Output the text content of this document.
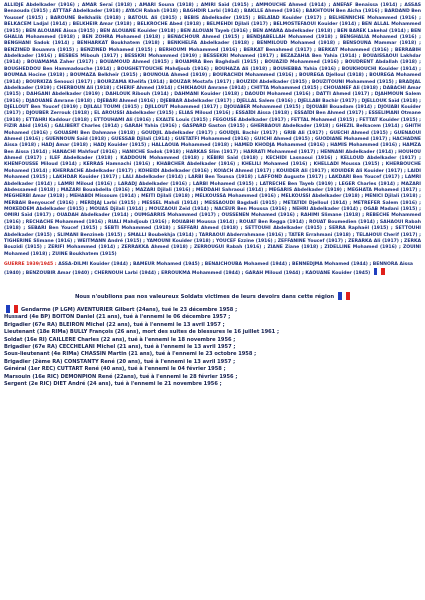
ALLIDJE Abdelkader (1916) ; AMAR Seraï (1918) ; AMARI Souna (1918) ; AMIRI Saïd (1915) ; AMMOUCHE Ahmed (1914) ; ANEFAF Benaissa (1914) ; ASSAS Benaouda (1915) ; ATTTAF Abdelkader (1918) ; AYACH Rabah (1918) ; BAGHDIR Larbi (1914) ; BAKLLE Ahmed (1916) ; BAKHTOUH Ben Aicha (1916) ; BARDAND Ben Youssef (1915) ; BAROUNE Belkhalik (1918) ; BATOUL Ali (1915) ; BEBIS Abdelkader (1915) ; BELAÏAD Kouider (1917) ; BELHENNICHE Mohammed (1916) ; BELKACEM Ladjal (1914) ; BELKHEIR Amar (1918) ; BELKROCHE Abed (1918) ; BELMEHDI Djilali (1917) ; BELMOSTEFAOUI Kouider (1914) ; BEN ALLAL Mohammed (1915) ; BEN ALOUANE Aissa (1915) ; BEN ALOUANE Kouider (1918) ; BEN ALOUAN Tayeb (1916) ; BEN AMARA Abdelkader (1918) ; BEN BAREK Lakehal (1914) ; BEN GHALIA Mohammed (1918) ; BEN ZOHRA Mohamed (1918) ; BENACHOUR Ahmed (1915) ; BENDJABELLAH Mohamed (1918) ; BENGHALIA Mohamed (1916) ; BENGHANI Sadok (1914) ; BENHARKAT Boukhatem (1918) ; BENKHELFA Abdelkader (1918) ; BENMILOUD Mohamed (1918) ; BENSOUNA Mammar (1918) ; BENZINED Bouamra (1915) ; BENZINED Mohamed (1915) ; BERHOUMI Mohammed (1916) ; BERKAT Benahmed (1917) ; BERKAT Mohammed (1916) ; BERRABIH Abdelkader (1916) ; BESBES Mibouh (1917) ; BESSKRI Mohammed (1919) ; BESSEKRI Mohamed (1917) ; BEZAZAHIA Ben Yahia (1914) ; BOUAISSAOUI Lakhdar (1914) ; BOUAMAMA Zaher (1917) ; BOUAMOUD Ahmed (1915) ; BOUAMRA Ben Baghdadi (1915) ; BOUAZID Mohammed (1916) ; BOUDRENT Abdallah (1918) ; BOUGHEDDOU Ben Hammadouche (1914) ; BOUGHETTOUCHE Mahdjoub (1916) ; BOUHAZA Ali (1918) ; BOUHEBBA Yahia (1916) ; BOUKHOUCHI Kouider (1914) ; BOUMAA Hocine (1918) ; BOUMAZA Belkheir (1915) ; BOUNOUA Ahmed (1919) ; BOURACHDI Mohammed (1916) ; BOUREGA Djelloul (1918) ; BOUREGA Mohamed (1914) ; BOURKIZA Senouci (1917) ; BOURZAMA Khelifa (1914) ; BOUZAR Mostafa (1917) ; BOUZIDI Abdelkader (1915) ; BOUZITOUNI Mohammed (1915) ; BRADJAL Abdelkader (1919) ; CHERBOUN Ali (1918) ; CHERIF Ahmed (1914) ; CHIKHAOUI Amrane (1914) ; CHITTA Mohammed (1915) ; CHOUANEF Ali (1918) ; DABACHI Amar (1915) ; DAHGANI Abdelkader (1919) ; DAHLOUK Ribouh (1914) ; DAHMANI Kouider (1918) ; DAOUDI Mohamed (1916) ; DATTI Ahmed (1917) ; DJAHMOUN Salem (1916) ; DJAOUANE Amrane (1918) ; DJEBARI Ahmed (1916) ; DJEBBAR Abdelkader (1917) ; DJELLAL Salem (1916) ; DJELLABI Bachir (1917) ; DJELLOUK Saïd (1918) ; DJELLOUT Ben Youcef (1919) ; DJILALI TOUMI (1915) ; DJILLOUT Mohammed (1917) ; DJOUABER Mohammed (1915) ; DJOUABI Bouadam (1914) ; DJOUABI Kouider (1917) ; DJOUBER Zerrouk (1918) ; EL AROUSSI Abdelkader (1915) ; ELIAS Miloud (1916) ; ESSAÏDI Aissa (1918) ; ESSAÏDI Ben Ahmed (1917) ; ESSELIMANI Otmane (1918) ; ETTAHRI Kaddour (1918) ; ETTOUHAMI Ali (1916) ; EXALTE Louis (1915) ; FEGOUSE Abdelkader (1917) ; FETTAL Mohamed (1915) ; FETTAT Kouider (1915) ; FIZIR Abid (1916) ; GALIBERT Charles (1914) ; GARAH Yahia (1916) ; GASPARD Gaston (1915) ; GHERBAOUI Abdelkader (1918) ; GHEZIL Belkacem (1914) ; GHITH Mohamed (1916) ; GOUASMI Ben Dahmane (1918) ; GOUDJIL Abdelkader (1917) ; GOUDJIL Bachir (1917) ; GRIB Ali (1917) ; GUECHI Ahmed (1915) ; GUENAOUI Ahmed (1916) ; GUENNOUN Saïd (1918) ; GUESSAB Djilali (1914) ; GUETATFI Mohammed (1916) ; GUICHI Ahmed (1915) ; GUODIANE Mohamed (1917) ; HACHADNE Aissa (1918) ; HADJ Amar (1918) ; HADJ Kouider (1915) ; HALLAOUA Mohammed (1918) ; HAMED KHODJA Mohammed (1916) ; HAMIS Mohammed (1916) ; HAMZA Ben Aissa (1914) ; HANACHI Mahfouf (1916) ; HANICHE Sadok (1918) ; HARKAS Slim (1917) ; HARRATI Mohammed (1917) ; HENNANI Abdelkader (1914) ; HOUHOU Ahmed (1917) ; ILEF Abdelkader (1918) ; KADDOUN Mohammed (1918) ; KÉBIRI Saïd (1918) ; KECHIDI Lasnaoui (1916) ; KELLOUD Abdelkader (1917) ; KHENFOUSSE Miloud (1914) ; KERRAS Hamnachi (1916) ; KHABCHER Abdelkader (1916) ; KHELILI Mohamed (1916) ; KHELLADI Moussa (1915) ; KHERBOUCHE Mohamed (1914) ; KHERRACHE Abdelkader (1917) ; KOHEIDI Abdelkader (1916) ; KOIACH Ahmed (1917) ; KOUIDER Ali (1917) ; KOUIDER Ali Kouider (1917) ; LAIDI Mohamed (1915) ; LAKHDAR Kouider (1917) ; LALI Abdelkader (1914) ; LARBI Ben Tounsa (1918) ; LAFFOND Auguste (1917) ; LAKDARI Ben Youcef (1917) ; LAMRI Abdelkader (1914) ; LAMRI Miloud (1916) ; LARADJ Abdelkader (1916) ; LARBI Mohamed (1915) ; LATRECHE Ben Tayeb (1919) ; LEGER Charles (1914) ; MAZARI Abdessamed (1918) ; MAZARI Bouabdella (1916) ; MAZARI Djilali (1916) ; MEDDAHI Sahraoui (1914) ; MEGARIS Abdelkader (1919) ; MEGHATA Mohamed (1917) ; MEGHERBI Amar (1918) ; MEHABDI Missoum (1914) ; MEITI Djilali (1918) ; MELKOUSSA Mohammed (1916) ; MELKOUSSI Abdelkader (1918) ; MENICI Djilali (1918) ; MERBAH Benyoucef (1916) ; MERDJAJ Larbi (1915) ; MESSEL Mahdi (1914) ; MESSAOUDI Bagdadi (1915) ; METATIDI Djelloul (1914) ; METREFER Salem (1916) ; MOKEDDEM Abdelkader (1915) ; MOUAS Djilali (1914) ; MOUZAOUI Zeid (1914) ; NACEUR Ben Moussa (1916) ; NEHRI Abdelkader (1914) ; OGAB Madani (1915) ; OMIRI Saïd (1917) ; OUADAH Abdelkader (1914) ; OUMGARRIS Mohammed (1917) ; OUSSENEN Mohamed (1916) ; RAHIMI Slimane (1918) ; REBECHE Mohammed (1916) ; RECHACHE Mohammed (1916) ; RIALI Mahdjoub (1916) ; ROUABHI Moussa (1914) ; ROUAT Ben Regga (1914) ; ROUAT Boumedien (1914) ; SAHAOUI Rabah (1918) ; SEBARI Ben Youcef (1915) ; SEBTI Mohammed (1918) ; SEFFARI Ahmed (1918) ; SETTOUHI Abdelkader (1915) ; SERRA Raphaël (1915) ; SETTOUHI Abdelkader (1915) ; SLIMANI Benzineb (1915) ; SMALLI Boubekhja (1914) ; TARRAOUI Abderrahmane (1916) ; TATER Errahmani (1918) ; TELAHOUI Cherif (1917) ; TIGHERINE Slimane (1916) ; WEITMANN André (1915) ; YAMOUNI Kouider (1918) ; YOUCEF Ezzine (1916) ; ZEFFANINE Youcef (1917) ; ZERARKA Ali (1917) ; ZERKA Bouzidi (1915) ; ZERIFI Mohammed (1914) ; ZERRAKKA Ahmed (1918) ; ZERROUGUI Rabah (1916) ; ZIANE Ziane (1918) ; ZIDELLINE Mohamed (1916) ; ZOUINI Mohamed (1918) ; ZUINE Boukhatem (1915)
GUERRE 1939/1945 : ASSA-DILMI Kouider (1944) ; BAMEUR Mohamed (1945) ; BENAICHOUBA Mohamed (1944) ; BENNEDJMA Mohamed (1944) ; BENNORA Aissa (1940) ; BENZOUBIR Amar (1940) ; CHERNOUH Larbi (1944) ; ERROUKMA Mohammed (1944) ; GARAH Miloud (1944) ; KAOUANE Kouider (1945)
Nous n'oublions pas nos valeureux Soldats victimes de leurs devoirs dans cette région
Gendarme (P LGM) AVENTURIER Gilbert (24ans), tué le 23 décembre 1958 ;
Hussard (4e BP) BOITON Daniel (21 ans), tué à l'ennemi le 06 décembre 1957 ;
Brigadier (67e RA) BLEIRON Michel (22 ans), tué à l'ennemi le 13 avril 1957 ;
Lieutenant (18e RIMa) BULLY François (26 ans), mort des suites de blessures le 16 juillet 1961 ;
Soldat (16e RI) CAILLERE Charles (22 ans), tué à l'ennemi le 18 novembre 1956 ;
Brigadier (67e RA) CECCHELANI Michel (21 ans), tué à l'ennemi le 13 avril 1957 ;
Sous-lieutenant (4e RIMa) CHASSIN Martin (21 ans), tué à l'ennemi le 23 octobre 1958 ;
Brigadier (2ème RA) CONSTANTY René (20 ans), tué à l'ennemi le 13 avril 1957 ;
Général (1er REC) CUTTART René (40 ans), tué à l'ennemi le 04 février 1958 ;
Marsouin (16e RIC) DEMONPION René (22ans), tué à l'ennemi le 28 février 1956 ;
Sergent (2e RIC) DIET André (24 ans), tué à l'ennemi le 21 novembre 1956 ;
